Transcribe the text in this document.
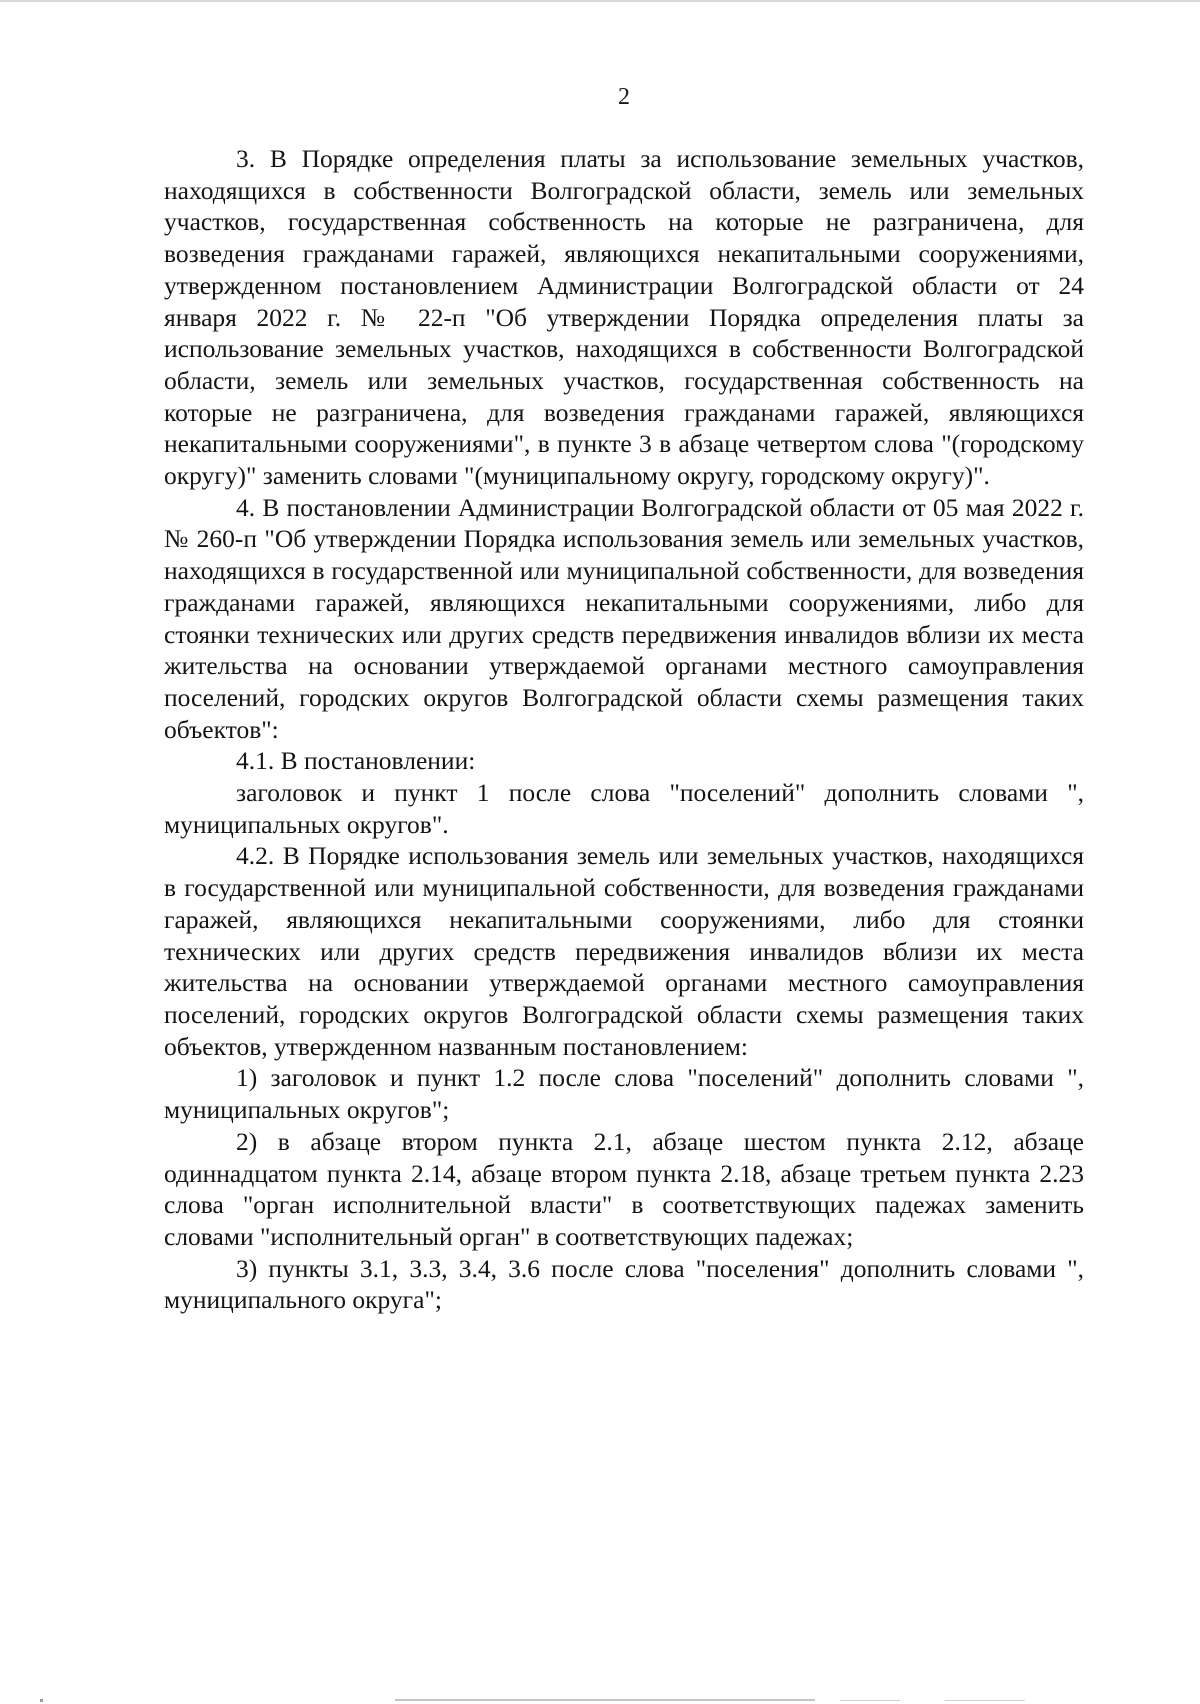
2

3. В Порядке определения платы за использование земельных участков, находящихся в собственности Волгоградской области, земель или земельных участков, государственная собственность на которые не разграничена, для возведения гражданами гаражей, являющихся некапитальными сооружениями, утвержденном постановлением Администрации Волгоградской области от 24 января 2022 г. № 22-п "Об утверждении Порядка определения платы за использование земельных участков, находящихся в собственности Волгоградской области, земель или земельных участков, государственная собственность на которые не разграничена, для возведения гражданами гаражей, являющихся некапитальными сооружениями", в пункте 3 в абзаце четвертом слова "(городскому округу)" заменить словами "(муниципальному округу, городскому округу)".

4. В постановлении Администрации Волгоградской области от 05 мая 2022 г. № 260-п "Об утверждении Порядка использования земель или земельных участков, находящихся в государственной или муниципальной собственности, для возведения гражданами гаражей, являющихся некапитальными сооружениями, либо для стоянки технических или других средств передвижения инвалидов вблизи их места жительства на основании утверждаемой органами местного самоуправления поселений, городских округов Волгоградской области схемы размещения таких объектов":

4.1. В постановлении:

заголовок и пункт 1 после слова "поселений" дополнить словами ", муниципальных округов".

4.2. В Порядке использования земель или земельных участков, находящихся в государственной или муниципальной собственности, для возведения гражданами гаражей, являющихся некапитальными сооружениями, либо для стоянки технических или других средств передвижения инвалидов вблизи их места жительства на основании утверждаемой органами местного самоуправления поселений, городских округов Волгоградской области схемы размещения таких объектов, утвержденном названным постановлением:

1) заголовок и пункт 1.2 после слова "поселений" дополнить словами ", муниципальных округов";

2) в абзаце втором пункта 2.1, абзаце шестом пункта 2.12, абзаце одиннадцатом пункта 2.14, абзаце втором пункта 2.18, абзаце третьем пункта 2.23 слова "орган исполнительной власти" в соответствующих падежах заменить словами "исполнительный орган" в соответствующих падежах;

3) пункты 3.1, 3.3, 3.4, 3.6 после слова "поселения" дополнить словами ", муниципального округа";
